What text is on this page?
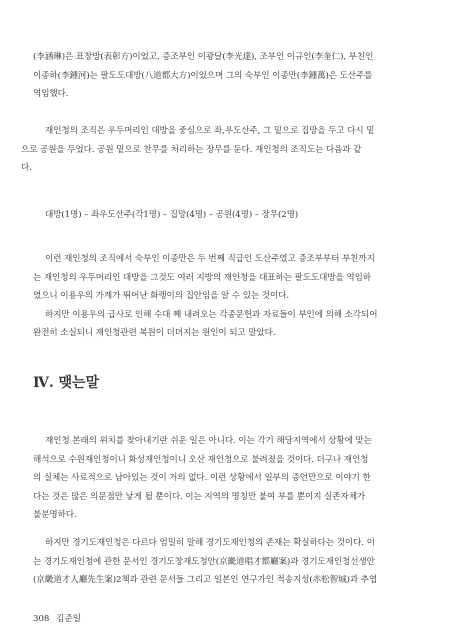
(李涵琳)은 표창방(表彰方)이었고, 증조부인 이광달(李光達), 조부인 이규인(李奎仁), 부친인
이종하(李鍾河)는 팔도도대방(八道都大方)이었으며 그의 숙부인 이종만(李鍾萬)은 도산주를
역임했다.
재인청의 조직은 우두머리인 대방을 중심으로 좌,우도산주, 그 밑으로 집망을 두고 다시 밑
으로 공원을 두었다. 공원 밑으로 찬무를 처리하는 장무를 둔다. 재인청의 조직도는 다음과 같
다.
대방(1명) – 좌우도산주(각1명) – 집망(4명) – 공원(4명) – 장무(2명)
이런 재인청의 조직에서 숙부인 이종만은 두 번째 직급인 도산주였고 증조부부터 부친까지
는 재인청의 우두머리인 대방을 그것도 여러 지방의 재인청을 대표하는 팔도도대방을 역임하
였으니 이용우의 가계가 뛰어난 화랭이의 집안임을 알 수 있는 것이다.
하지만 이용우의 급사로 인해 수대 째 내려오는 각종문헌과 자료들이 부인에 의해 소각되어
완전히 소실되니 재인청관련 복원이 더뎌지는 원인이 되고 말았다.
Ⅳ. 맺는말
재인청 본래의 위치를 찾아내기란 쉬운 일은 아니다. 이는 각기 해당지역에서 상황에 맞는
해석으로 수원재인청이니 화성재인청이니 오산 재인청으로 불려졌을 것이다. 더구나 재인청
의 실체는 사료적으로 남아있는 것이 거의 없다. 이런 상황에서 일부의 증언만으로 이야기 한
다는 것은 많은 의문점만 낳게 될 뿐이다. 이는 지역의 명칭만 붙여 부를 뿐이지 실존자체가
불분명하다.
하지만 경기도재인청은 다르다 엄밀히 말해 경기도재인청의 존재는 확실하다는 것이다. 이
는 경기도재인청에 관한 문서인 경기도창재도청안(京畿道唱才都廳案)과 경기도재인청선생안
(京畿道才人廳先生案)2책과 관련 문서들 그리고 일본인 연구가인 적송지성(赤松智城)과 추엽
308 김준일
